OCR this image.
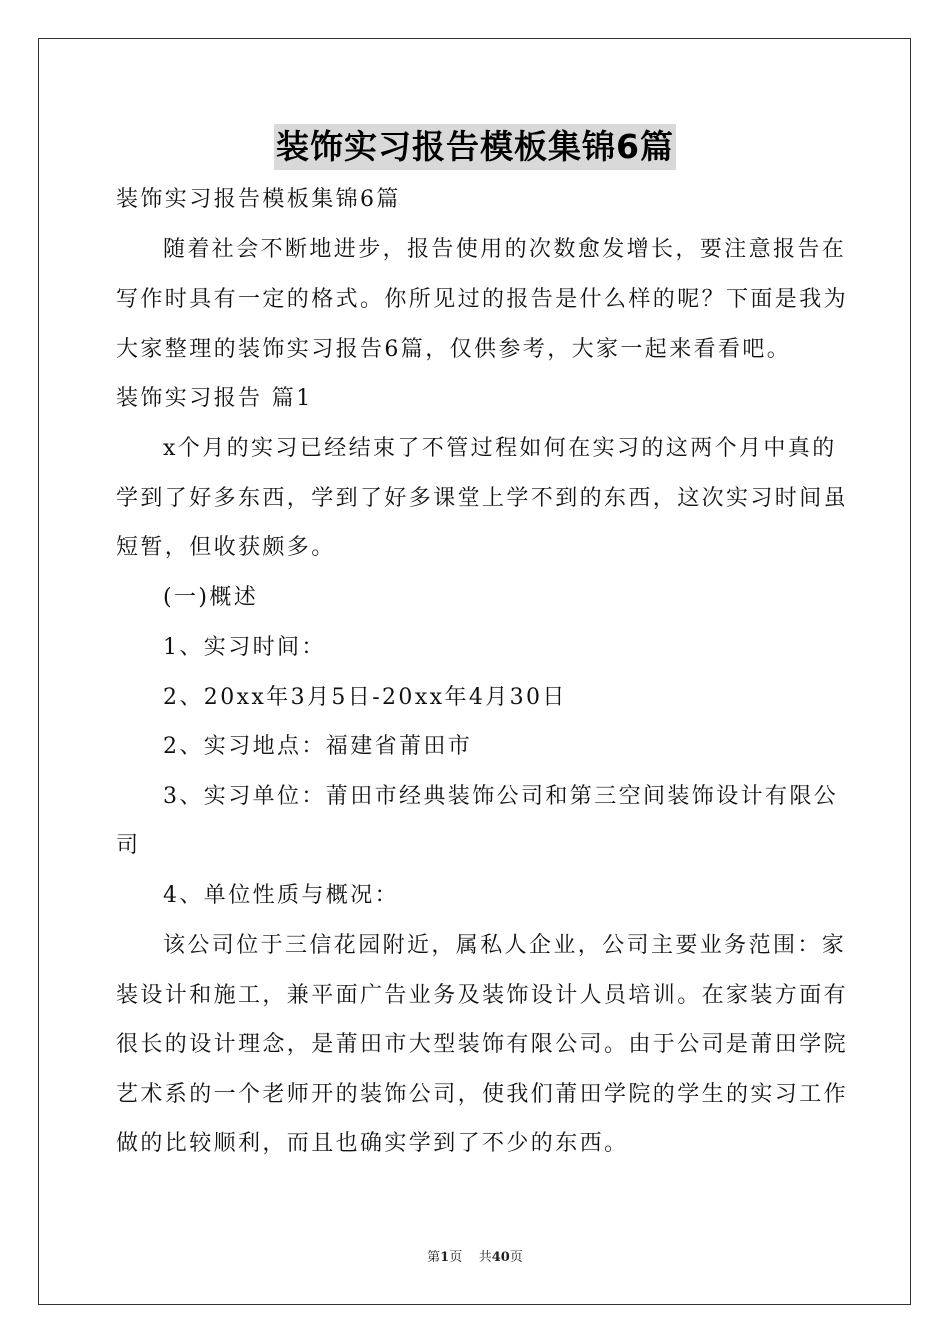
装饰实习报告模板集锦6篇
装饰实习报告模板集锦6篇
随着社会不断地进步，报告使用的次数愈发增长，要注意报告在
写作时具有一定的格式。你所见过的报告是什么样的呢？下面是我为
大家整理的装饰实习报告6篇，仅供参考，大家一起来看看吧。
装饰实习报告 篇1
x个月的实习已经结束了不管过程如何在实习的这两个月中真的
学到了好多东西，学到了好多课堂上学不到的东西，这次实习时间虽
短暂，但收获颇多。
(一)概述
1、实习时间：
2、20xx年3月5日-20xx年4月30日
2、实习地点：福建省莆田市
3、实习单位：莆田市经典装饰公司和第三空间装饰设计有限公
司
4、单位性质与概况：
该公司位于三信花园附近，属私人企业，公司主要业务范围：家
装设计和施工，兼平面广告业务及装饰设计人员培训。在家装方面有
很长的设计理念，是莆田市大型装饰有限公司。由于公司是莆田学院
艺术系的一个老师开的装饰公司，使我们莆田学院的学生的实习工作
做的比较顺利，而且也确实学到了不少的东西。
第1页 共40页
